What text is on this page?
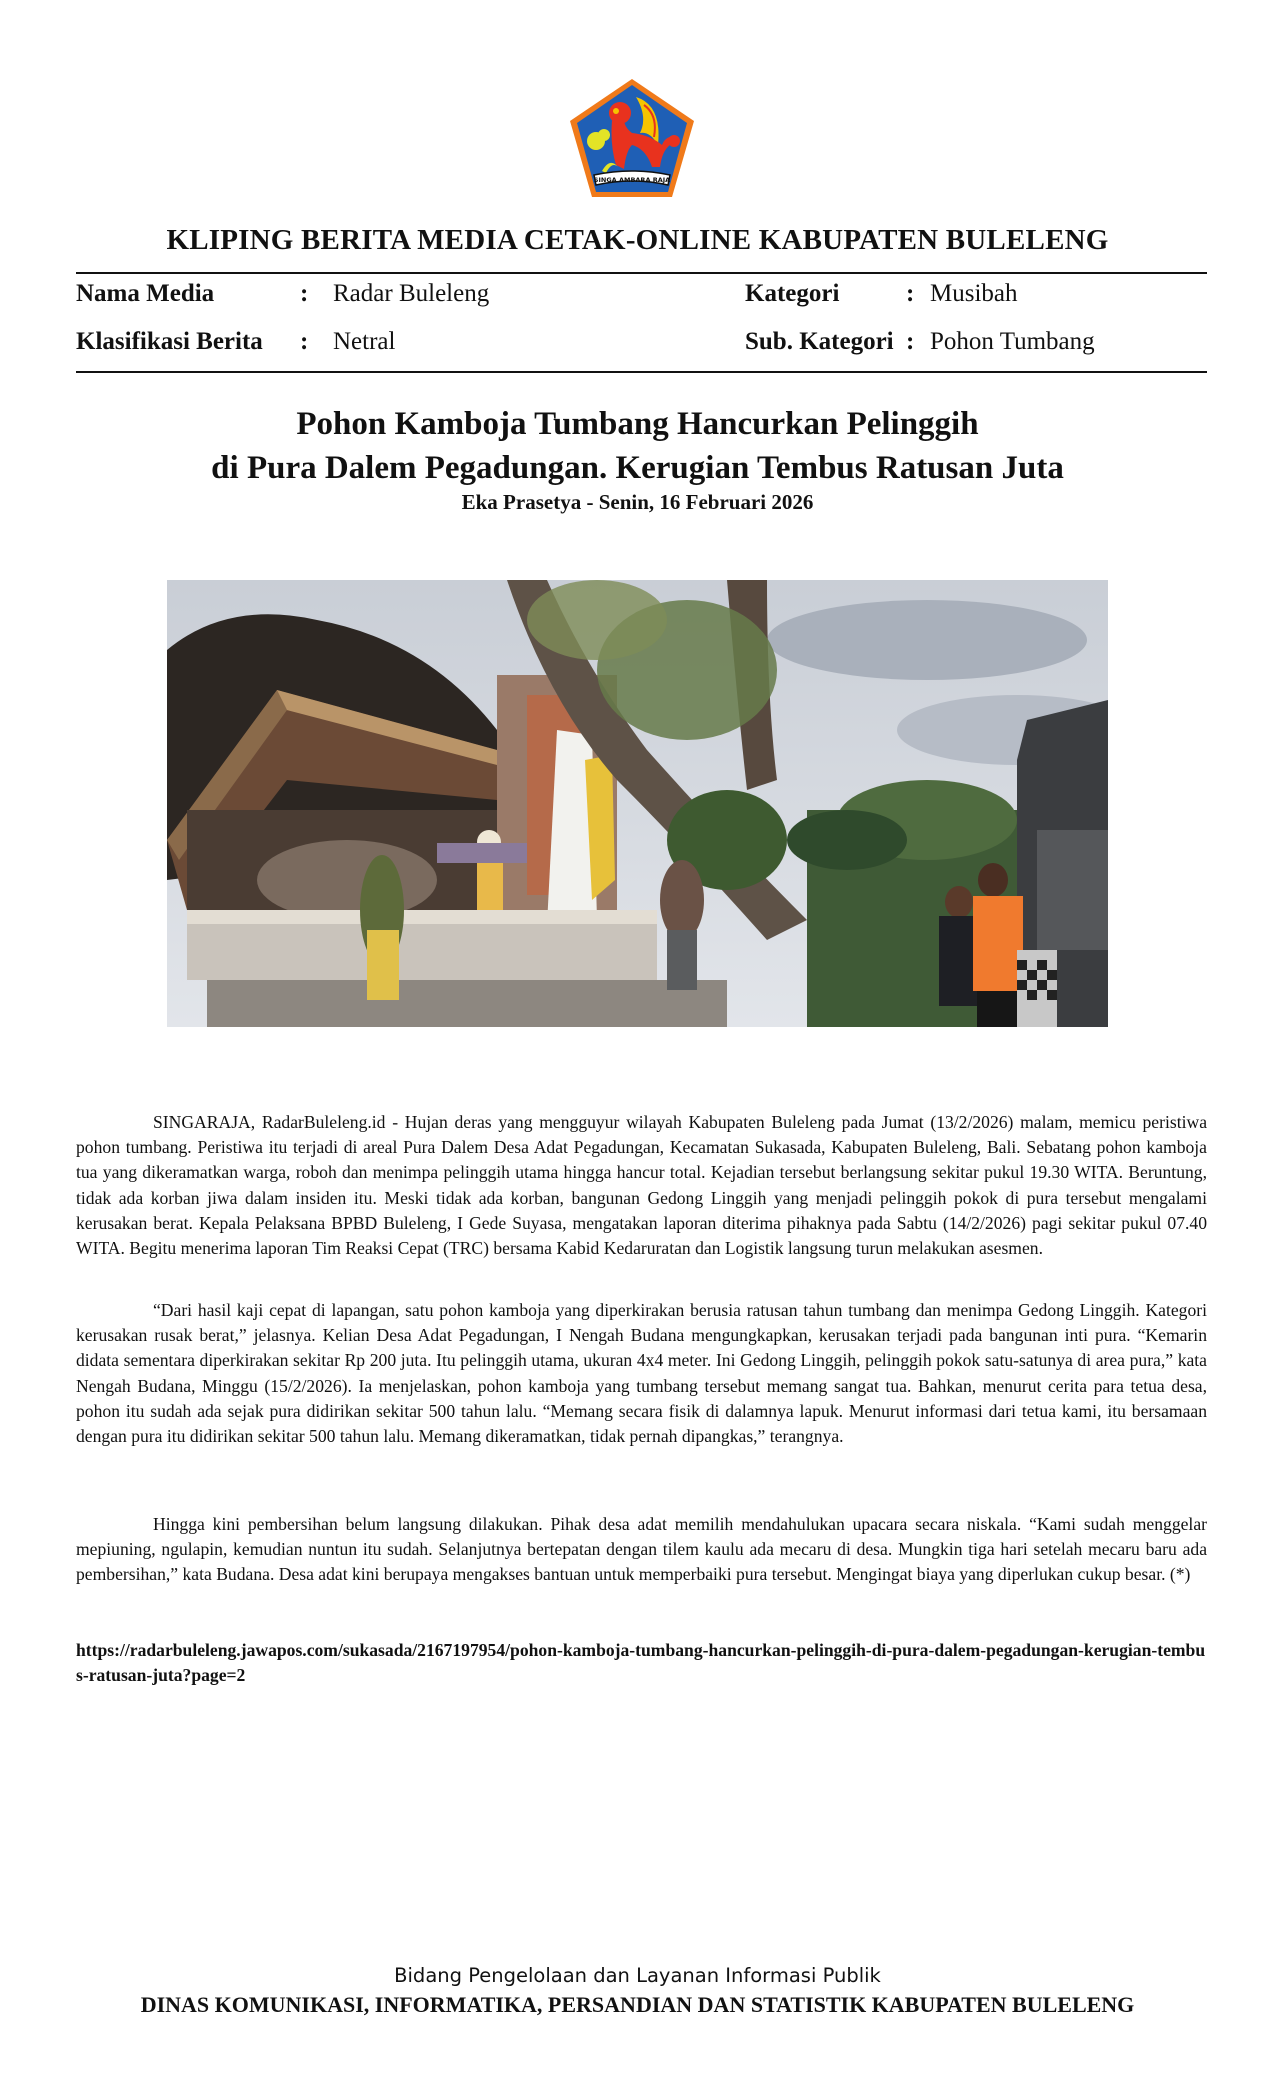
SINGA AMBARA RAJA
KLIPING BERITA MEDIA CETAK-ONLINE KABUPATEN BULELENG
Nama Media	: Radar Buleleng
Klasifikasi Berita : Netral
Kategori	: Musibah
Sub. Kategori : Pohon Tumbang
Pohon Kamboja Tumbang Hancurkan Pelinggih
di Pura Dalem Pegadungan. Kerugian Tembus Ratusan Juta
Eka Prasetya - Senin, 16 Februari 2026

SINGARAJA, RadarBuleleng.id - Hujan deras yang mengguyur wilayah Kabupaten Buleleng pada Jumat (13/2/2026) malam, memicu peristiwa pohon tumbang. Peristiwa itu terjadi di areal Pura Dalem Desa Adat Pegadungan, Kecamatan Sukasada, Kabupaten Buleleng, Bali. Sebatang pohon kamboja tua yang dikeramatkan warga, roboh dan menimpa pelinggih utama hingga hancur total. Kejadian tersebut berlangsung sekitar pukul 19.30 WITA. Beruntung, tidak ada korban jiwa dalam insiden itu. Meski tidak ada korban, bangunan Gedong Linggih yang menjadi pelinggih pokok di pura tersebut mengalami kerusakan berat. Kepala Pelaksana BPBD Buleleng, I Gede Suyasa, mengatakan laporan diterima pihaknya pada Sabtu (14/2/2026) pagi sekitar pukul 07.40 WITA. Begitu menerima laporan Tim Reaksi Cepat (TRC) bersama Kabid Kedaruratan dan Logistik langsung turun melakukan asesmen.

“Dari hasil kaji cepat di lapangan, satu pohon kamboja yang diperkirakan berusia ratusan tahun tumbang dan menimpa Gedong Linggih. Kategori kerusakan rusak berat,” jelasnya. Kelian Desa Adat Pegadungan, I Nengah Budana mengungkapkan, kerusakan terjadi pada bangunan inti pura. “Kemarin didata sementara diperkirakan sekitar Rp 200 juta. Itu pelinggih utama, ukuran 4x4 meter. Ini Gedong Linggih, pelinggih pokok satu-satunya di area pura,” kata Nengah Budana, Minggu (15/2/2026). Ia menjelaskan, pohon kamboja yang tumbang tersebut memang sangat tua. Bahkan, menurut cerita para tetua desa, pohon itu sudah ada sejak pura didirikan sekitar 500 tahun lalu. “Memang secara fisik di dalamnya lapuk. Menurut informasi dari tetua kami, itu bersamaan dengan pura itu didirikan sekitar 500 tahun lalu. Memang dikeramatkan, tidak pernah dipangkas,” terangnya.

Hingga kini pembersihan belum langsung dilakukan. Pihak desa adat memilih mendahulukan upacara secara niskala. “Kami sudah menggelar mepiuning, ngulapin, kemudian nuntun itu sudah. Selanjutnya bertepatan dengan tilem kaulu ada mecaru di desa. Mungkin tiga hari setelah mecaru baru ada pembersihan,” kata Budana. Desa adat kini berupaya mengakses bantuan untuk memperbaiki pura tersebut. Mengingat biaya yang diperlukan cukup besar. (*)

https://radarbuleleng.jawapos.com/sukasada/2167197954/pohon-kamboja-tumbang-hancurkan-pelinggih-di-pura-dalem-pegadungan-kerugian-tembus-ratusan-juta?page=2
Bidang Pengelolaan dan Layanan Informasi Publik
DINAS KOMUNIKASI, INFORMATIKA, PERSANDIAN DAN STATISTIK KABUPATEN BULELENG
